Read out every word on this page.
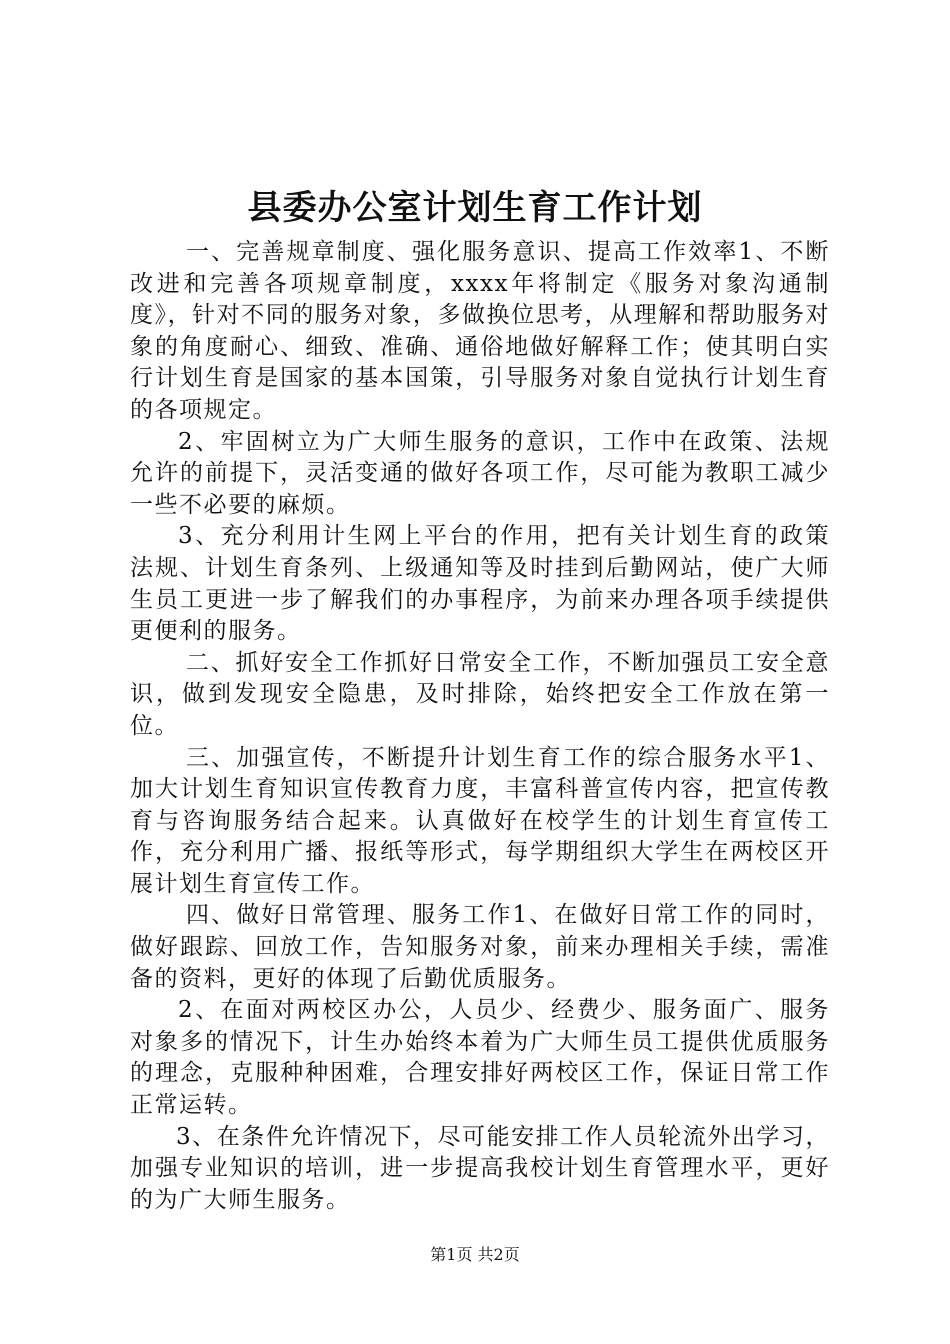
县委办公室计划生育工作计划

一、完善规章制度、强化服务意识、提高工作效率1、不断改进和完善各项规章制度，xxxx年将制定《服务对象沟通制度》，针对不同的服务对象，多做换位思考，从理解和帮助服务对象的角度耐心、细致、准确、通俗地做好解释工作；使其明白实行计划生育是国家的基本国策，引导服务对象自觉执行计划生育的各项规定。

2、牢固树立为广大师生服务的意识，工作中在政策、法规允许的前提下，灵活变通的做好各项工作，尽可能为教职工减少一些不必要的麻烦。

3、充分利用计生网上平台的作用，把有关计划生育的政策法规、计划生育条列、上级通知等及时挂到后勤网站，使广大师生员工更进一步了解我们的办事程序，为前来办理各项手续提供更便利的服务。

二、抓好安全工作抓好日常安全工作，不断加强员工安全意识，做到发现安全隐患，及时排除，始终把安全工作放在第一位。

三、加强宣传，不断提升计划生育工作的综合服务水平1、加大计划生育知识宣传教育力度，丰富科普宣传内容，把宣传教育与咨询服务结合起来。认真做好在校学生的计划生育宣传工作，充分利用广播、报纸等形式，每学期组织大学生在两校区开展计划生育宣传工作。

四、做好日常管理、服务工作1、在做好日常工作的同时，做好跟踪、回放工作，告知服务对象，前来办理相关手续，需准备的资料，更好的体现了后勤优质服务。

2、在面对两校区办公，人员少、经费少、服务面广、服务对象多的情况下，计生办始终本着为广大师生员工提供优质服务的理念，克服种种困难，合理安排好两校区工作，保证日常工作正常运转。

3、在条件允许情况下，尽可能安排工作人员轮流外出学习，加强专业知识的培训，进一步提高我校计划生育管理水平，更好的为广大师生服务。

第1页 共2页
